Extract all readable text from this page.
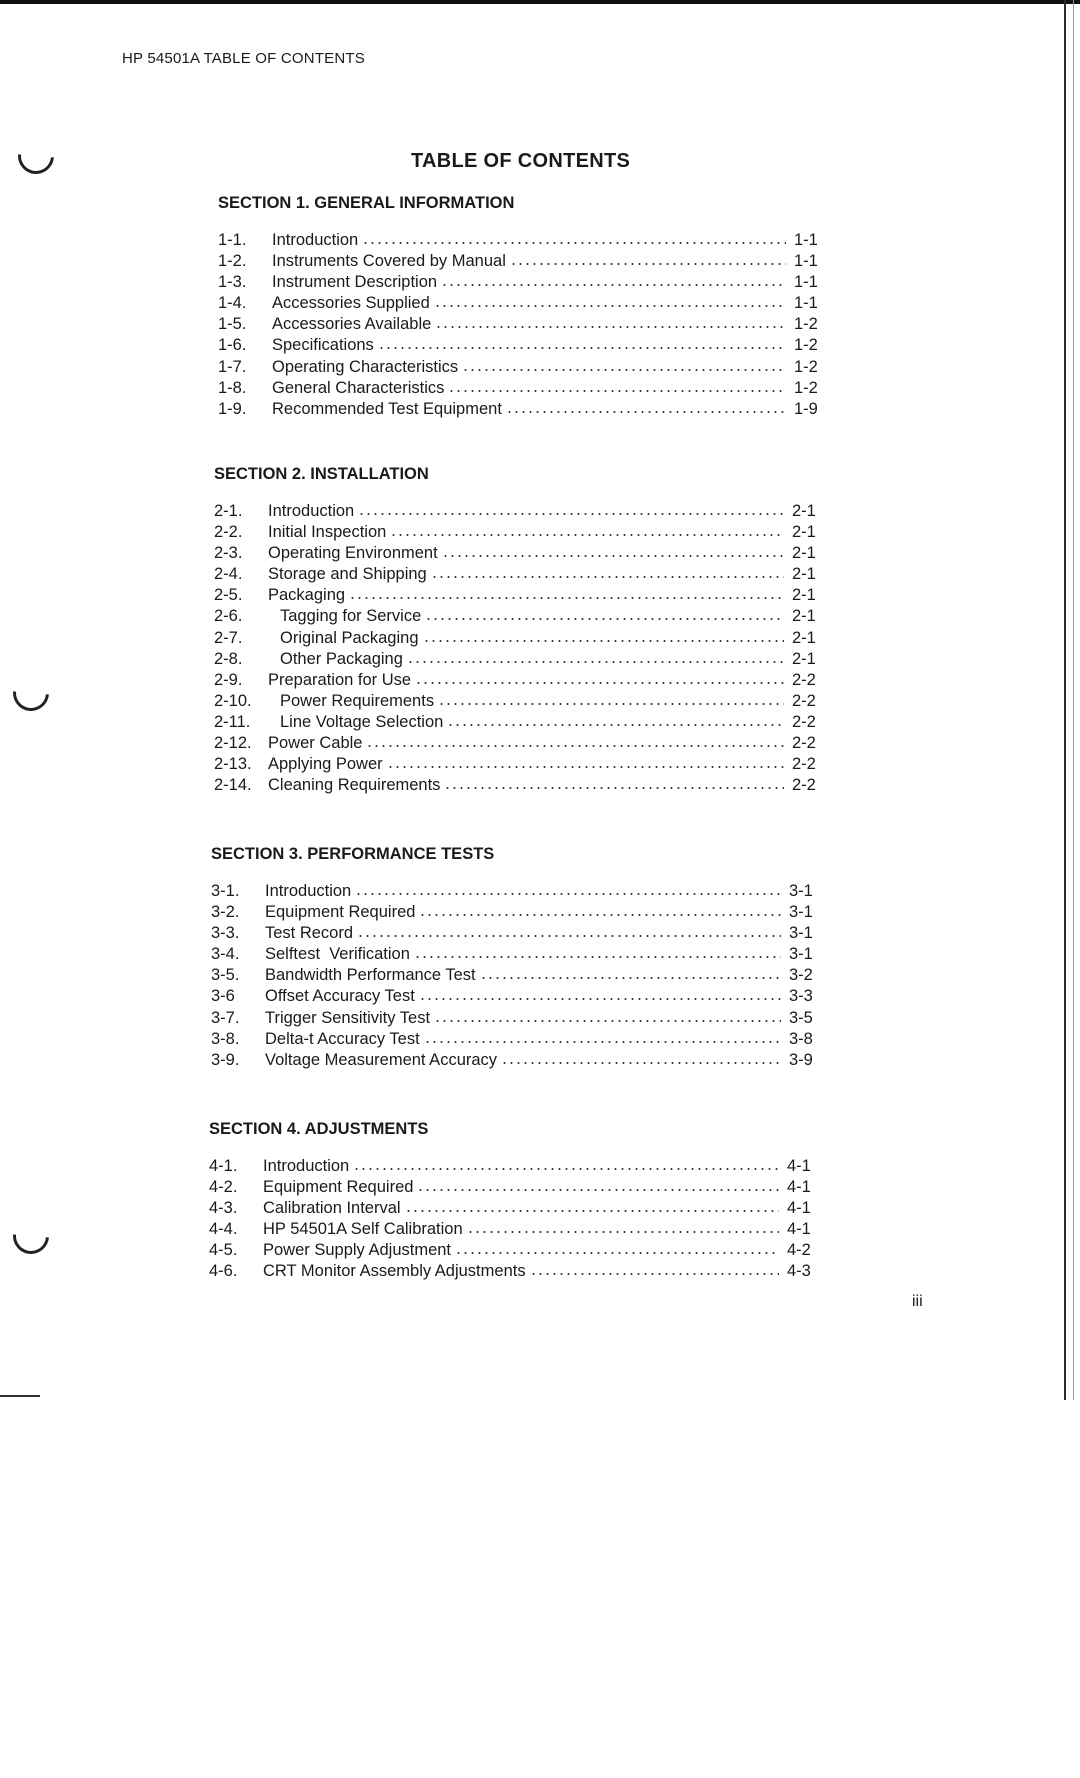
HP 54501A TABLE OF CONTENTS
TABLE OF CONTENTS
SECTION 1. GENERAL INFORMATION
1-1.	Introduction	1-1
1-2.	Instruments Covered by Manual	1-1
1-3.	Instrument Description	1-1
1-4.	Accessories Supplied	1-1
1-5.	Accessories Available	1-2
1-6.	Specifications	1-2
1-7.	Operating Characteristics	1-2
1-8.	General Characteristics	1-2
1-9.	Recommended Test Equipment	1-9
SECTION 2. INSTALLATION
2-1.	Introduction	2-1
2-2.	Initial Inspection	2-1
2-3.	Operating Environment	2-1
2-4.	Storage and Shipping	2-1
2-5.	Packaging	2-1
2-6.	Tagging for Service	2-1
2-7.	Original Packaging	2-1
2-8.	Other Packaging	2-1
2-9.	Preparation for Use	2-2
2-10.	Power Requirements	2-2
2-11.	Line Voltage Selection	2-2
2-12. Power Cable	2-2
2-13. Applying Power	2-2
2-14. Cleaning Requirements	2-2
SECTION 3. PERFORMANCE TESTS
3-1.	Introduction	3-1
3-2.	Equipment Required	3-1
3-3.	Test Record	3-1
3-4.	Selftest  Verification	3-1
3-5.	Bandwidth Performance Test	3-2
3-6	Offset Accuracy Test	3-3
3-7.	Trigger Sensitivity Test	3-5
3-8.	Delta-t Accuracy Test	3-8
3-9.	Voltage Measurement Accuracy	3-9
SECTION 4. ADJUSTMENTS
4-1.	Introduction	4-1
4-2.	Equipment Required	4-1
4-3.	Calibration Interval	4-1
4-4.	HP 54501A Self Calibration	4-1
4-5.	Power Supply Adjustment	4-2
4-6.	CRT Monitor Assembly Adjustments	4-3
iii
